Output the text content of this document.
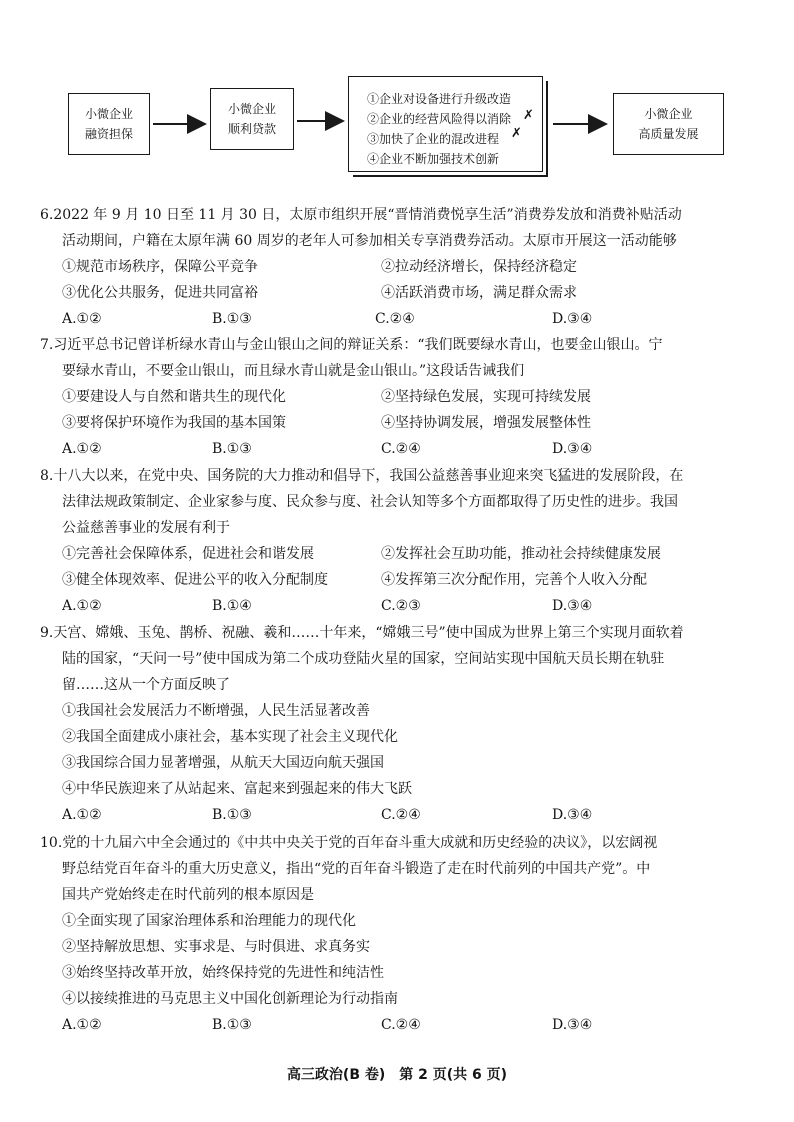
小微企业
融资担保
小微企业
顺利贷款
①企业对设备进行升级改造
②企业的经营风险得以消除
③加快了企业的混改进程
④企业不断加强技术创新
✗
✗
小微企业
高质量发展
6.2022 年 9 月 10 日至 11 月 30 日，太原市组织开展“晋情消费悦享生活”消费券发放和消费补贴活动
活动期间，户籍在太原年满 60 周岁的老年人可参加相关专享消费券活动。太原市开展这一活动能够
①规范市场秩序，保障公平竞争	②拉动经济增长，保持经济稳定
③优化公共服务，促进共同富裕	④活跃消费市场，满足群众需求
A.①②	B.①③	C.②④	D.③④
7.习近平总书记曾详析绿水青山与金山银山之间的辩证关系：“我们既要绿水青山，也要金山银山。宁
要绿水青山，不要金山银山，而且绿水青山就是金山银山。”这段话告诫我们
①要建设人与自然和谐共生的现代化	②坚持绿色发展，实现可持续发展
③要将保护环境作为我国的基本国策	④坚持协调发展，增强发展整体性
A.①②	B.①③	C.②④	D.③④
8.十八大以来，在党中央、国务院的大力推动和倡导下，我国公益慈善事业迎来突飞猛进的发展阶段，在
法律法规政策制定、企业家参与度、民众参与度、社会认知等多个方面都取得了历史性的进步。我国
公益慈善事业的发展有利于
①完善社会保障体系，促进社会和谐发展	②发挥社会互助功能，推动社会持续健康发展
③健全体现效率、促进公平的收入分配制度	④发挥第三次分配作用，完善个人收入分配
A.①②	B.①④	C.②③	D.③④
9.天宫、嫦娥、玉兔、鹊桥、祝融、羲和……十年来，“嫦娥三号”使中国成为世界上第三个实现月面软着
陆的国家，“天问一号”使中国成为第二个成功登陆火星的国家，空间站实现中国航天员长期在轨驻
留……这从一个方面反映了
①我国社会发展活力不断增强，人民生活显著改善
②我国全面建成小康社会，基本实现了社会主义现代化
③我国综合国力显著增强，从航天大国迈向航天强国
④中华民族迎来了从站起来、富起来到强起来的伟大飞跃
A.①②	B.①③	C.②④	D.③④
10.党的十九届六中全会通过的《中共中央关于党的百年奋斗重大成就和历史经验的决议》，以宏阔视
野总结党百年奋斗的重大历史意义，指出“党的百年奋斗锻造了走在时代前列的中国共产党”。中
国共产党始终走在时代前列的根本原因是
①全面实现了国家治理体系和治理能力的现代化
②坚持解放思想、实事求是、与时俱进、求真务实
③始终坚持改革开放，始终保持党的先进性和纯洁性
④以接续推进的马克思主义中国化创新理论为行动指南
A.①②	B.①③	C.②④	D.③④
高三政治(B 卷)　第 2 页(共 6 页)
